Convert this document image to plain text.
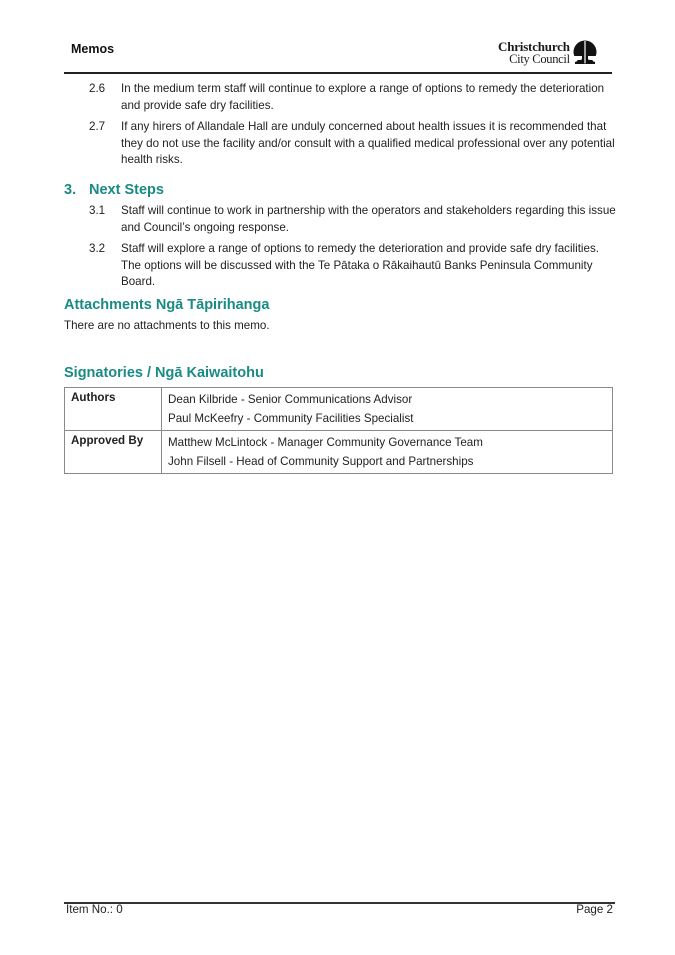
Memos	Christchurch
City Council
2.6	In the medium term staff will continue to explore a range of options to remedy the deterioration and provide safe dry facilities.
2.7	If any hirers of Allandale Hall are unduly concerned about health issues it is recommended that they do not use the facility and/or consult with a qualified medical professional over any potential health risks.
3. Next Steps
3.1	Staff will continue to work in partnership with the operators and stakeholders regarding this issue and Council’s ongoing response.
3.2	Staff will explore a range of options to remedy the deterioration and provide safe dry facilities. The options will be discussed with the Te Pātaka o Rākaihautū Banks Peninsula Community Board.
Attachments Ngā Tāpirihanga
There are no attachments to this memo.
Signatories / Ngā Kaiwaitohu
Authors	Dean Kilbride - Senior Communications Advisor
Paul McKeefry - Community Facilities Specialist

Approved By	Matthew McLintock - Manager Community Governance Team
John Filsell - Head of Community Support and Partnerships
Item No.: 0	Page 2
